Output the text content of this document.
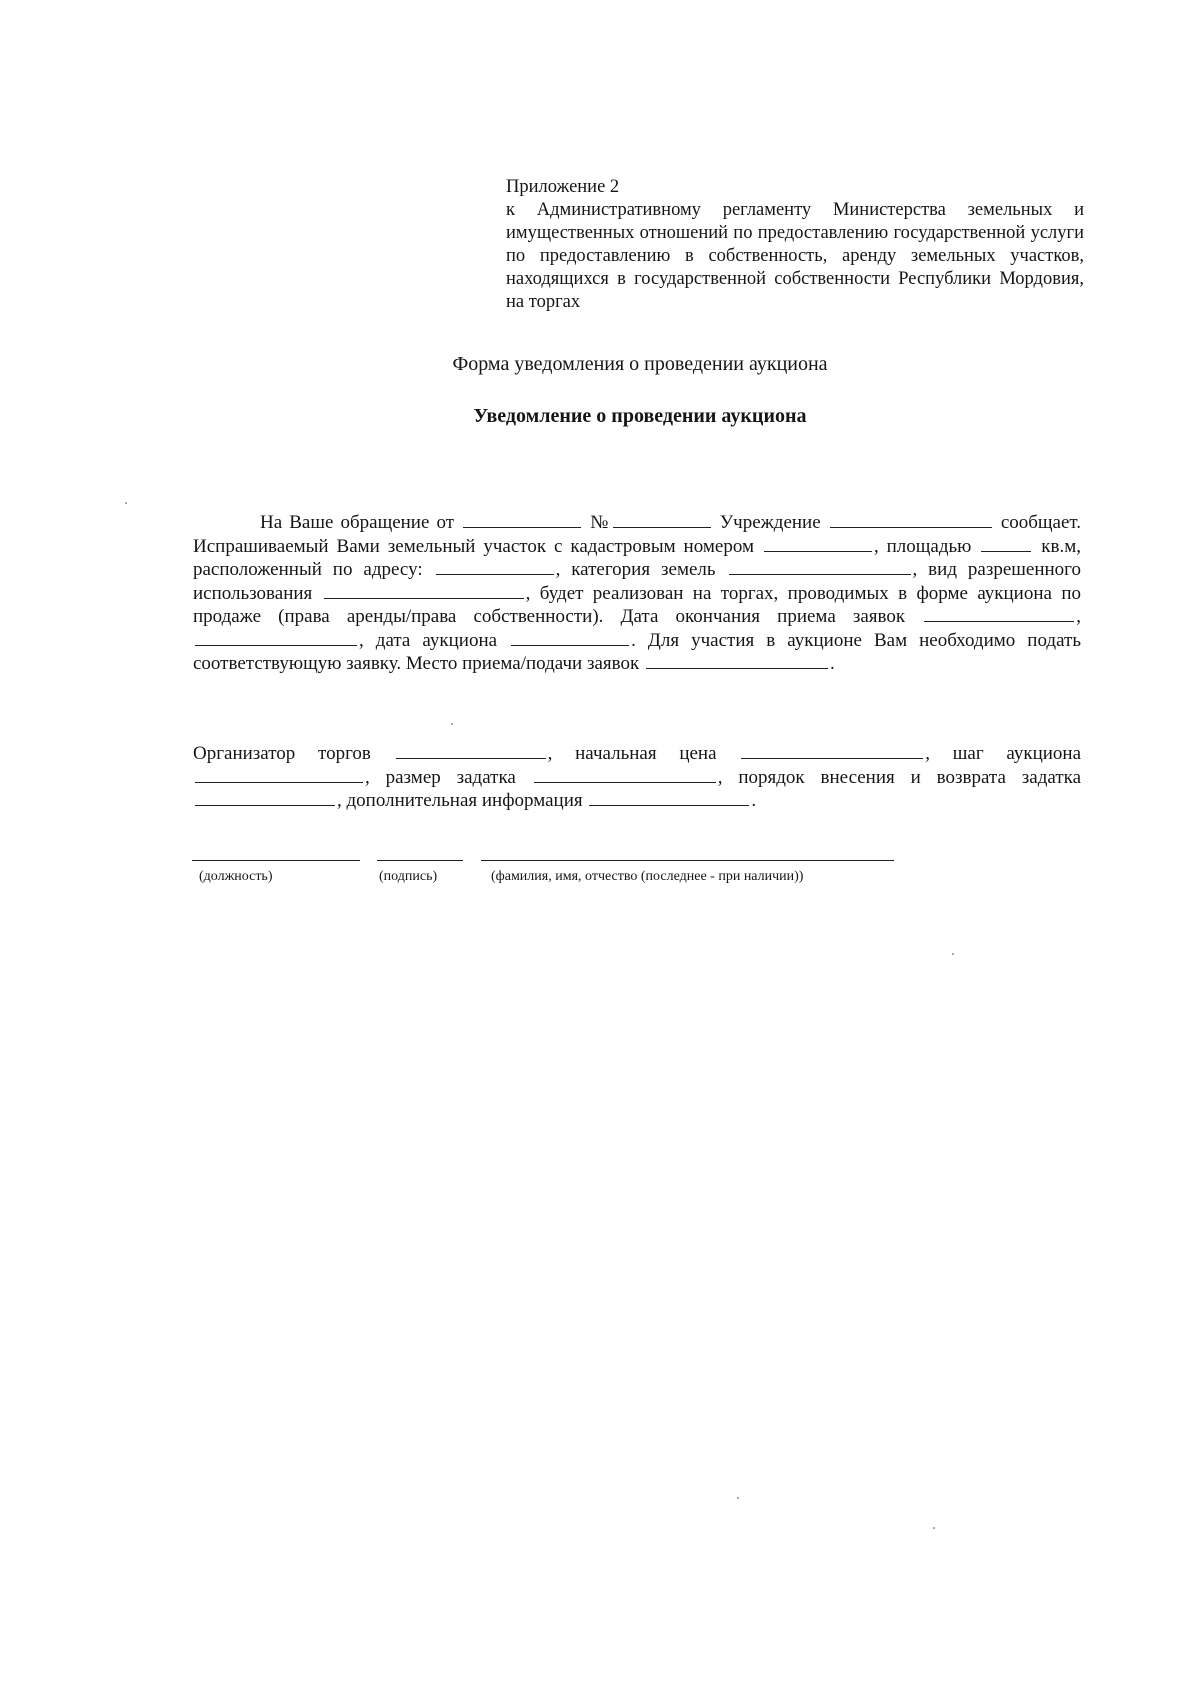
Приложение 2
к Административному регламенту Министерства земельных и имущественных отношений по предоставлению государственной услуги по предоставлению в собственность, аренду земельных участков, находящихся в государственной собственности Республики Мордовия, на торгах
Форма уведомления о проведении аукциона
Уведомление о проведении аукциона
На Ваше обращение от	№	Учреждение	сообщает. Испрашиваемый Вами земельный участок с кадастровым номером	, площадью	кв.м, расположенный по адресу:	, категория земель	, вид разрешенного использования	, будет реализован на торгах, проводимых в форме аукциона по продаже (права аренды/права собственности). Дата окончания приема заявок	, , дата аукциона	. Для участия в аукционе Вам необходимо подать соответствующую заявку. Место приема/подачи заявок	.
Организатор торгов	, начальная цена	, шаг аукциона , размер задатка	, порядок внесения и возврата задатка , дополнительная информация	.
(должность)	(подпись)	(фамилия, имя, отчество (последнее - при наличии))
